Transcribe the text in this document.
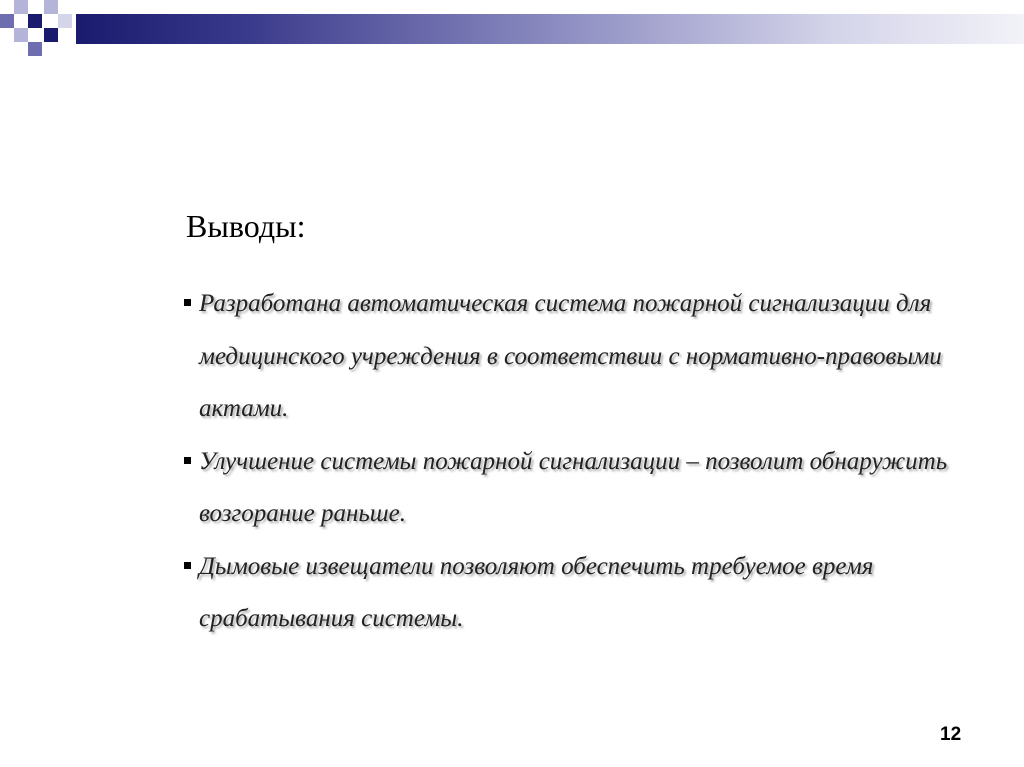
Выводы:
Разработана автоматическая система пожарной сигнализации для медицинского учреждения в соответствии с нормативно-правовыми актами.
Улучшение системы пожарной сигнализации – позволит обнаружить возгорание раньше.
Дымовые извещатели позволяют обеспечить требуемое время срабатывания системы.
12
